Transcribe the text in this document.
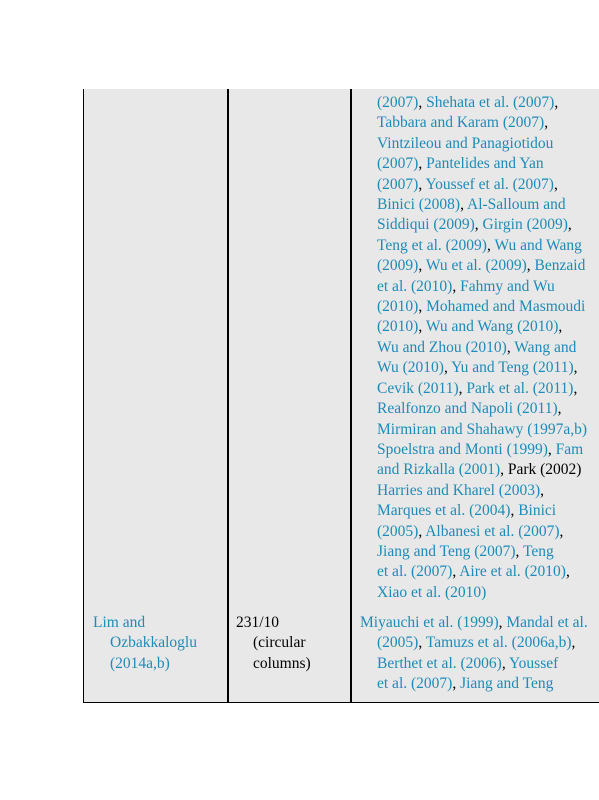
(2007), Shehata et al. (2007),
Tabbara and Karam (2007),
Vintzileou and Panagiotidou
(2007), Pantelides and Yan
(2007), Youssef et al. (2007),
Binici (2008), Al-Salloum and
Siddiqui (2009), Girgin (2009),
Teng et al. (2009), Wu and Wang
(2009), Wu et al. (2009), Benzaid
et al. (2010), Fahmy and Wu
(2010), Mohamed and Masmoudi
(2010), Wu and Wang (2010),
Wu and Zhou (2010), Wang and
Wu (2010), Yu and Teng (2011),
Cevik (2011), Park et al. (2011),
Realfonzo and Napoli (2011),
Mirmiran and Shahawy (1997a,b)
Spoelstra and Monti (1999), Fam
and Rizkalla (2001), Park (2002)
Harries and Kharel (2003),
Marques et al. (2004), Binici
(2005), Albanesi et al. (2007),
Jiang and Teng (2007), Teng
et al. (2007), Aire et al. (2010),
Xiao et al. (2010)
Lim and
Ozbakkaloglu
(2014a,b)
231/10
(circular
columns)
Miyauchi et al. (1999), Mandal et al.
(2005), Tamuzs et al. (2006a,b),
Berthet et al. (2006), Youssef
et al. (2007), Jiang and Teng
